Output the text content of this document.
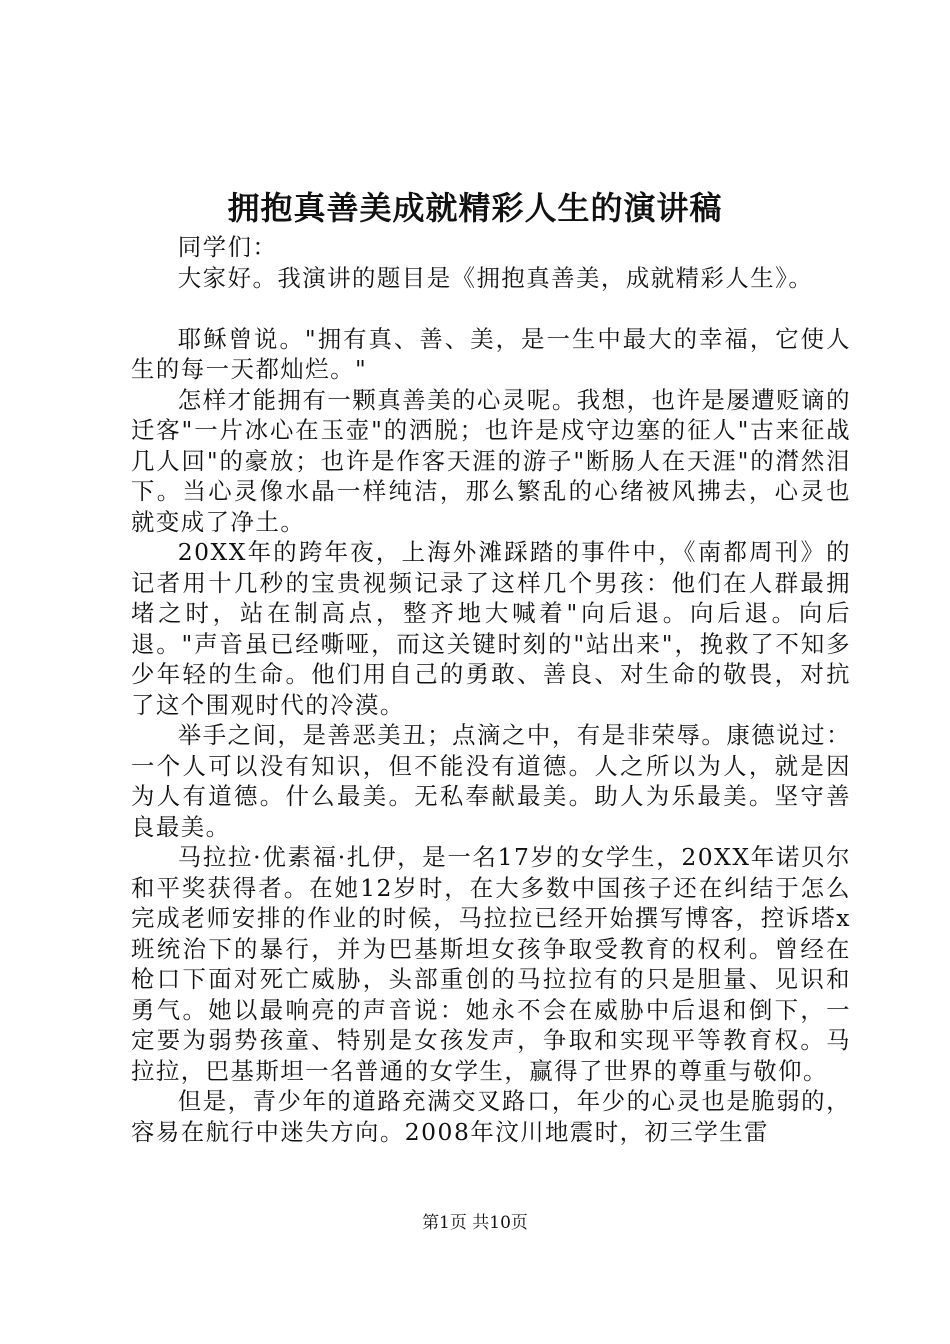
拥抱真善美成就精彩人生的演讲稿

同学们：

大家好。我演讲的题目是《拥抱真善美，成就精彩人生》。

耶稣曾说。"拥有真、善、美，是一生中最大的幸福，它使人生的每一天都灿烂。"

怎样才能拥有一颗真善美的心灵呢。我想，也许是屡遭贬谪的迁客"一片冰心在玉壶"的洒脱；也许是戍守边塞的征人"古来征战几人回"的豪放；也许是作客天涯的游子"断肠人在天涯"的潸然泪下。当心灵像水晶一样纯洁，那么繁乱的心绪被风拂去，心灵也就变成了净土。

20XX年的跨年夜，上海外滩踩踏的事件中，《南都周刊》的记者用十几秒的宝贵视频记录了这样几个男孩：他们在人群最拥堵之时，站在制高点，整齐地大喊着"向后退。向后退。向后退。"声音虽已经嘶哑，而这关键时刻的"站出来"，挽救了不知多少年轻的生命。他们用自己的勇敢、善良、对生命的敬畏，对抗了这个围观时代的冷漠。

举手之间，是善恶美丑；点滴之中，有是非荣辱。康德说过：一个人可以没有知识，但不能没有道德。人之所以为人，就是因为人有道德。什么最美。无私奉献最美。助人为乐最美。坚守善良最美。

马拉拉·优素福·扎伊，是一名17岁的女学生，20XX年诺贝尔和平奖获得者。在她12岁时，在大多数中国孩子还在纠结于怎么完成老师安排的作业的时候，马拉拉已经开始撰写博客，控诉塔x班统治下的暴行，并为巴基斯坦女孩争取受教育的权利。曾经在枪口下面对死亡威胁，头部重创的马拉拉有的只是胆量、见识和勇气。她以最响亮的声音说：她永不会在威胁中后退和倒下，一定要为弱势孩童、特别是女孩发声，争取和实现平等教育权。马拉拉，巴基斯坦一名普通的女学生，赢得了世界的尊重与敬仰。

但是，青少年的道路充满交叉路口，年少的心灵也是脆弱的，容易在航行中迷失方向。2008年汶川地震时，初三学生雷

第1页 共10页
